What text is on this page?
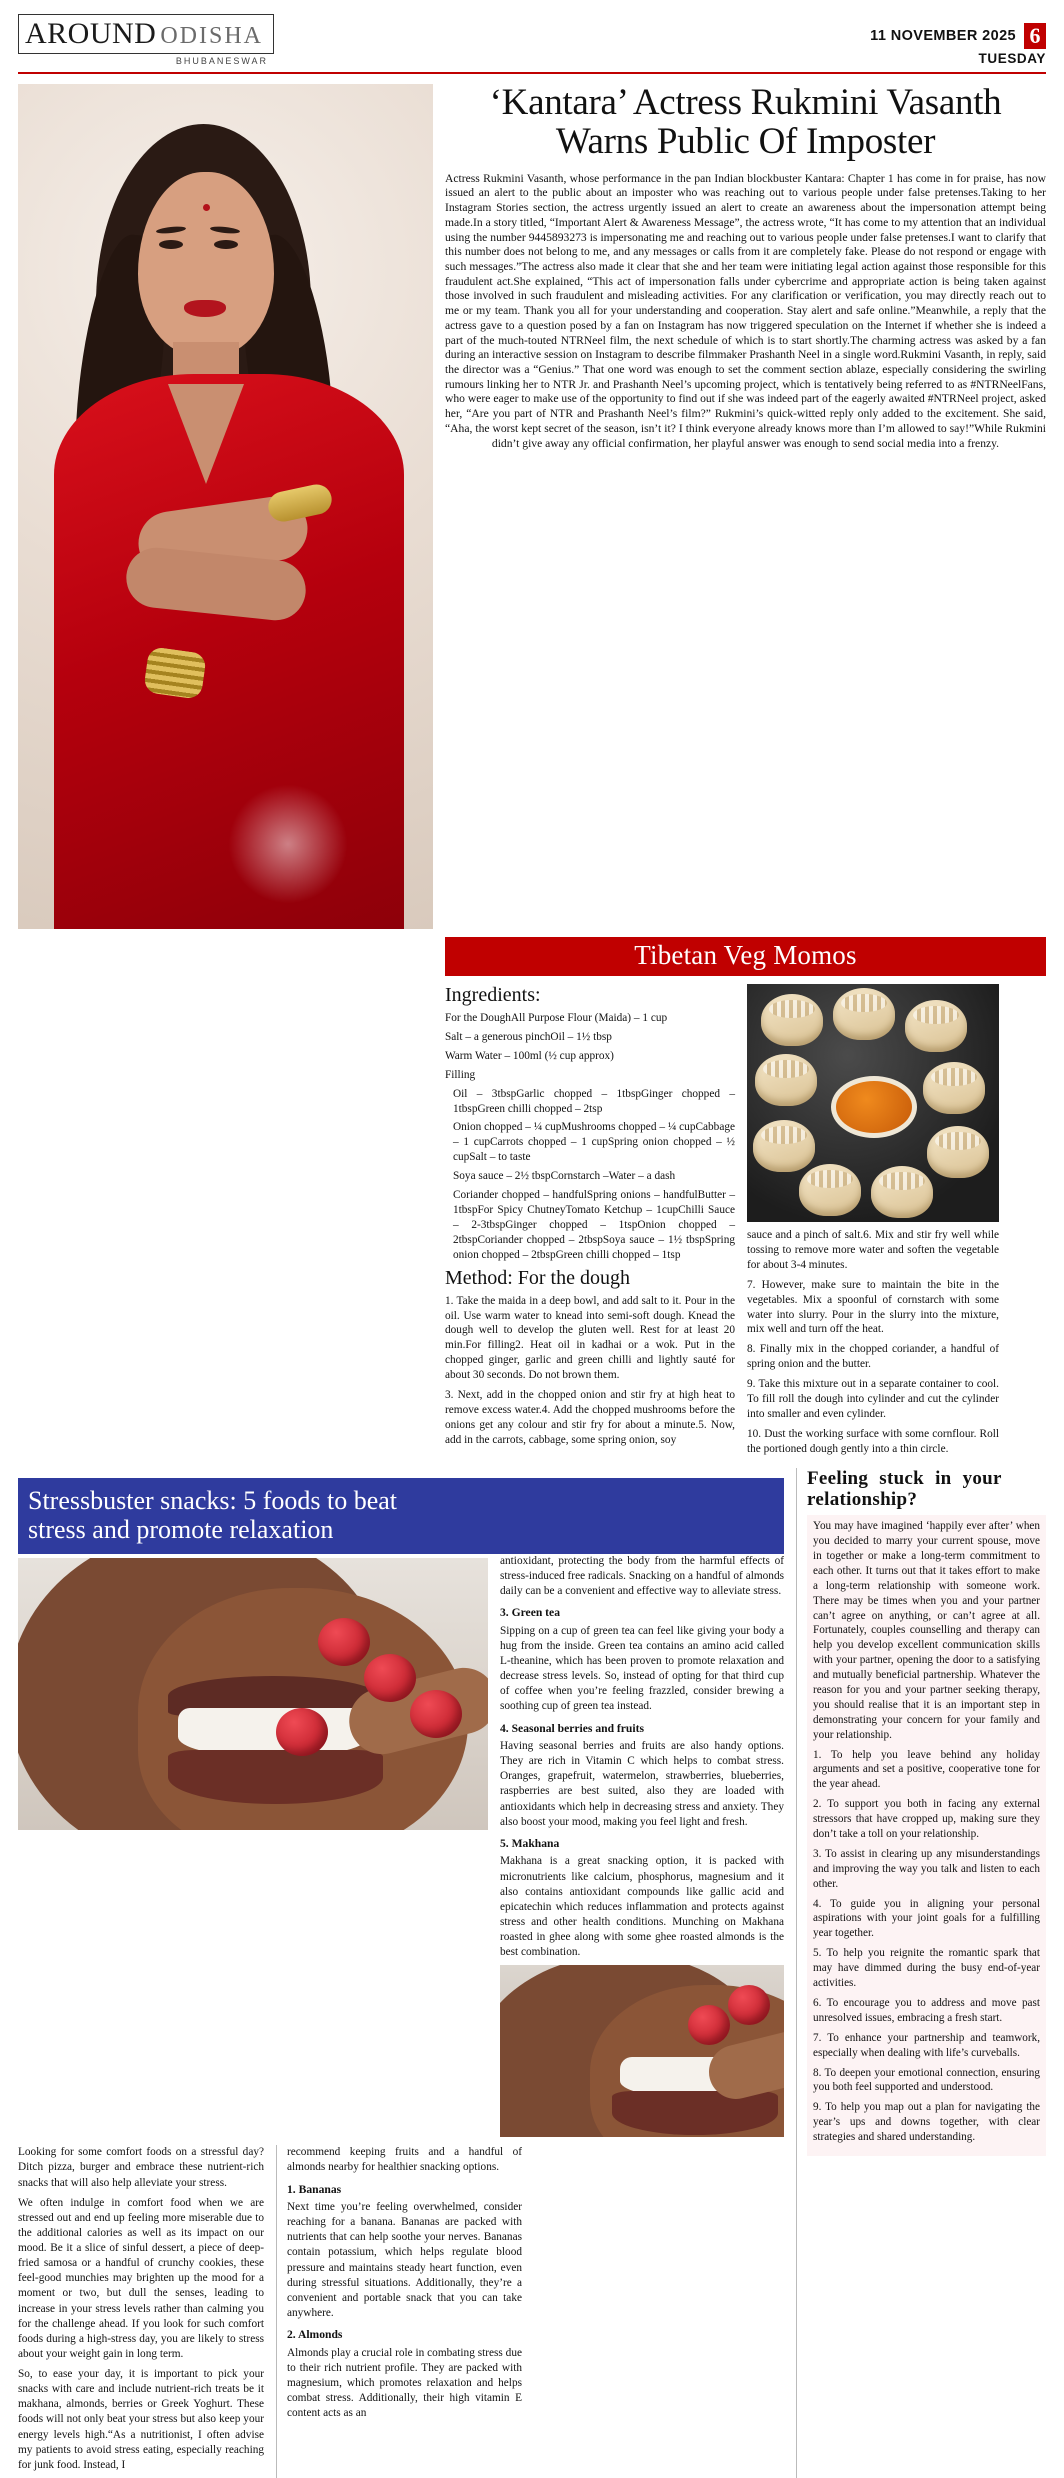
AROUND ODISHA
BHUBANESWAR
11 NOVEMBER 2025 6
TUESDAY
‘Kantara’ Actress Rukmini Vasanth
Warns Public Of Imposter
Actress Rukmini Vasanth, whose performance in the pan Indian blockbuster Kantara: Chapter 1 has come in for praise, has now issued an alert to the public about an imposter who was reaching out to various people under false pretenses.Taking to her Instagram Stories section, the actress urgently issued an alert to create an awareness about the impersonation attempt being made.In a story titled, “Important Alert & Awareness Message”, the actress wrote, “It has come to my attention that an individual using the number 9445893273 is impersonating me and reaching out to various people under false pretenses.I want to clarify that this number does not belong to me, and any messages or calls from it are completely fake. Please do not respond or engage with such messages.”The actress also made it clear that she and her team were initiating legal action against those responsible for this fraudulent act.She explained, “This act of impersonation falls under cybercrime and appropriate action is being taken against those involved in such fraudulent and misleading activities. For any clarification or verification, you may directly reach out to me or my team. Thank you all for your understanding and cooperation. Stay alert and safe online.”Meanwhile, a reply that the actress gave to a question posed by a fan on Instagram has now triggered speculation on the Internet if whether she is indeed a part of the much-touted NTRNeel film, the next schedule of which is to start shortly.The charming actress was asked by a fan during an interactive session on Instagram to describe filmmaker Prashanth Neel in a single word.Rukmini Vasanth, in reply, said the director was a “Genius.” That one word was enough to set the comment section ablaze, especially considering the swirling rumours linking her to NTR Jr. and Prashanth Neel’s upcoming project, which is tentatively being referred to as #NTRNeelFans, who were eager to make use of the opportunity to find out if she was indeed part of the eagerly awaited #NTRNeel project, asked her, “Are you part of NTR and Prashanth Neel’s film?” Rukmini’s quick-witted reply only added to the excitement. She said, “Aha, the worst kept secret of the season, isn’t it? I think everyone already knows more than I’m allowed to say!”While Rukmini didn’t give away any official confirmation, her playful answer was enough to send social media into a frenzy.
Tibetan Veg Momos
Ingredients:

For the DoughAll Purpose Flour (Maida) – 1 cup

Salt – a generous pinchOil – 1½ tbsp

Warm Water – 100ml (½ cup approx)

Filling

Oil – 3tbspGarlic chopped – 1tbspGinger chopped – 1tbspGreen chilli chopped – 2tsp

Onion chopped – ¼ cupMushrooms chopped – ¼ cupCabbage – 1 cupCarrots chopped – 1 cupSpring onion chopped – ½ cupSalt – to taste

Soya sauce – 2½ tbspCornstarch –Water – a dash

Coriander chopped – handfulSpring onions – handfulButter – 1tbspFor Spicy ChutneyTomato Ketchup – 1cupChilli Sauce – 2-3tbspGinger chopped – 1tspOnion chopped – 2tbspCoriander chopped – 2tbspSoya sauce – 1½ tbspSpring onion chopped – 2tbspGreen chilli chopped – 1tsp

Method: For the dough

1. Take the maida in a deep bowl, and add salt to it. Pour in the oil. Use warm water to knead into semi-soft dough. Knead the dough well to develop the gluten well. Rest for at least 20 min.For filling2. Heat oil in kadhai or a wok. Put in the chopped ginger, garlic and green chilli and lightly sauté for about 30 seconds. Do not brown them.

3. Next, add in the chopped onion and stir fry at high heat to remove excess water.4. Add the chopped mushrooms before the onions get any colour and stir fry for about a minute.5. Now, add in the carrots, cabbage, some spring onion, soy

sauce and a pinch of salt.6. Mix and stir fry well while tossing to remove more water and soften the vegetable for about 3-4 minutes.

7. However, make sure to maintain the bite in the vegetables. Mix a spoonful of cornstarch with some water into slurry. Pour in the slurry into the mixture, mix well and turn off the heat.

8. Finally mix in the chopped coriander, a handful of spring onion and the butter.

9. Take this mixture out in a separate container to cool. To fill roll the dough into cylinder and cut the cylinder into smaller and even cylinder.

10. Dust the working surface with some cornflour. Roll the portioned dough gently into a thin circle.

Stressbuster snacks: 5 foods to beat
stress and promote relaxation

antioxidant, protecting the body from the harmful effects of stress-induced free radicals. Snacking on a handful of almonds daily can be a convenient and effective way to alleviate stress.

3. Green tea

Sipping on a cup of green tea can feel like giving your body a hug from the inside. Green tea contains an amino acid called L-theanine, which has been proven to promote relaxation and decrease stress levels. So, instead of opting for that third cup of coffee when you’re feeling frazzled, consider brewing a soothing cup of green tea instead.

4. Seasonal berries and fruits

Having seasonal berries and fruits are also handy options. They are rich in Vitamin C which helps to combat stress. Oranges, grapefruit, watermelon, strawberries, blueberries, raspberries are best suited, also they are loaded with antioxidants which help in decreasing stress and anxiety. They also boost your mood, making you feel light and fresh.

5. Makhana

Makhana is a great snacking option, it is packed with micronutrients like calcium, phosphorus, magnesium and it also contains antioxidant compounds like gallic acid and epicatechin which reduces inflammation and protects against stress and other health conditions. Munching on Makhana roasted in ghee along with some ghee roasted almonds is the best combination.

Looking for some comfort foods on a stressful day? Ditch pizza, burger and embrace these nutrient-rich snacks that will also help alleviate your stress.

We often indulge in comfort food when we are stressed out and end up feeling more miserable due to the additional calories as well as its impact on our mood. Be it a slice of sinful dessert, a piece of deep-fried samosa or a handful of crunchy cookies, these feel-good munchies may brighten up the mood for a moment or two, but dull the senses, leading to increase in your stress levels rather than calming you for the challenge ahead. If you look for such comfort foods during a high-stress day, you are likely to stress about your weight gain in long term.

So, to ease your day, it is important to pick your snacks with care and include nutrient-rich treats be it makhana, almonds, berries or Greek Yoghurt. These foods will not only beat your stress but also keep your energy levels high.“As a nutritionist, I often advise my patients to avoid stress eating, especially reaching for junk food. Instead, I

recommend keeping fruits and a handful of almonds nearby for healthier snacking options.

1. Bananas

Next time you’re feeling overwhelmed, consider reaching for a banana. Bananas are packed with nutrients that can help soothe your nerves. Bananas contain potassium, which helps regulate blood pressure and maintains steady heart function, even during stressful situations. Additionally, they’re a convenient and portable snack that you can take anywhere.

2. Almonds

Almonds play a crucial role in combating stress due to their rich nutrient profile. They are packed with magnesium, which promotes relaxation and helps combat stress. Additionally, their high vitamin E content acts as an

Feeling stuck in your relationship?

You may have imagined ‘happily ever after’ when you decided to marry your current spouse, move in together or make a long-term commitment to each other. It turns out that it takes effort to make a long-term relationship with someone work. There may be times when you and your partner can’t agree on anything, or can’t agree at all. Fortunately, couples counselling and therapy can help you develop excellent communication skills with your partner, opening the door to a satisfying and mutually beneficial partnership. Whatever the reason for you and your partner seeking therapy, you should realise that it is an important step in demonstrating your concern for your family and your relationship.

1. To help you leave behind any holiday arguments and set a positive, cooperative tone for the year ahead.

2. To support you both in facing any external stressors that have cropped up, making sure they don’t take a toll on your relationship.

3. To assist in clearing up any misunderstandings and improving the way you talk and listen to each other.

4. To guide you in aligning your personal aspirations with your joint goals for a fulfilling year together.

5. To help you reignite the romantic spark that may have dimmed during the busy end-of-year activities.

6. To encourage you to address and move past unresolved issues, embracing a fresh start.

7. To enhance your partnership and teamwork, especially when dealing with life’s curveballs.

8. To deepen your emotional connection, ensuring you both feel supported and understood.

9. To help you map out a plan for navigating the year’s ups and downs together, with clear strategies and shared understanding.
